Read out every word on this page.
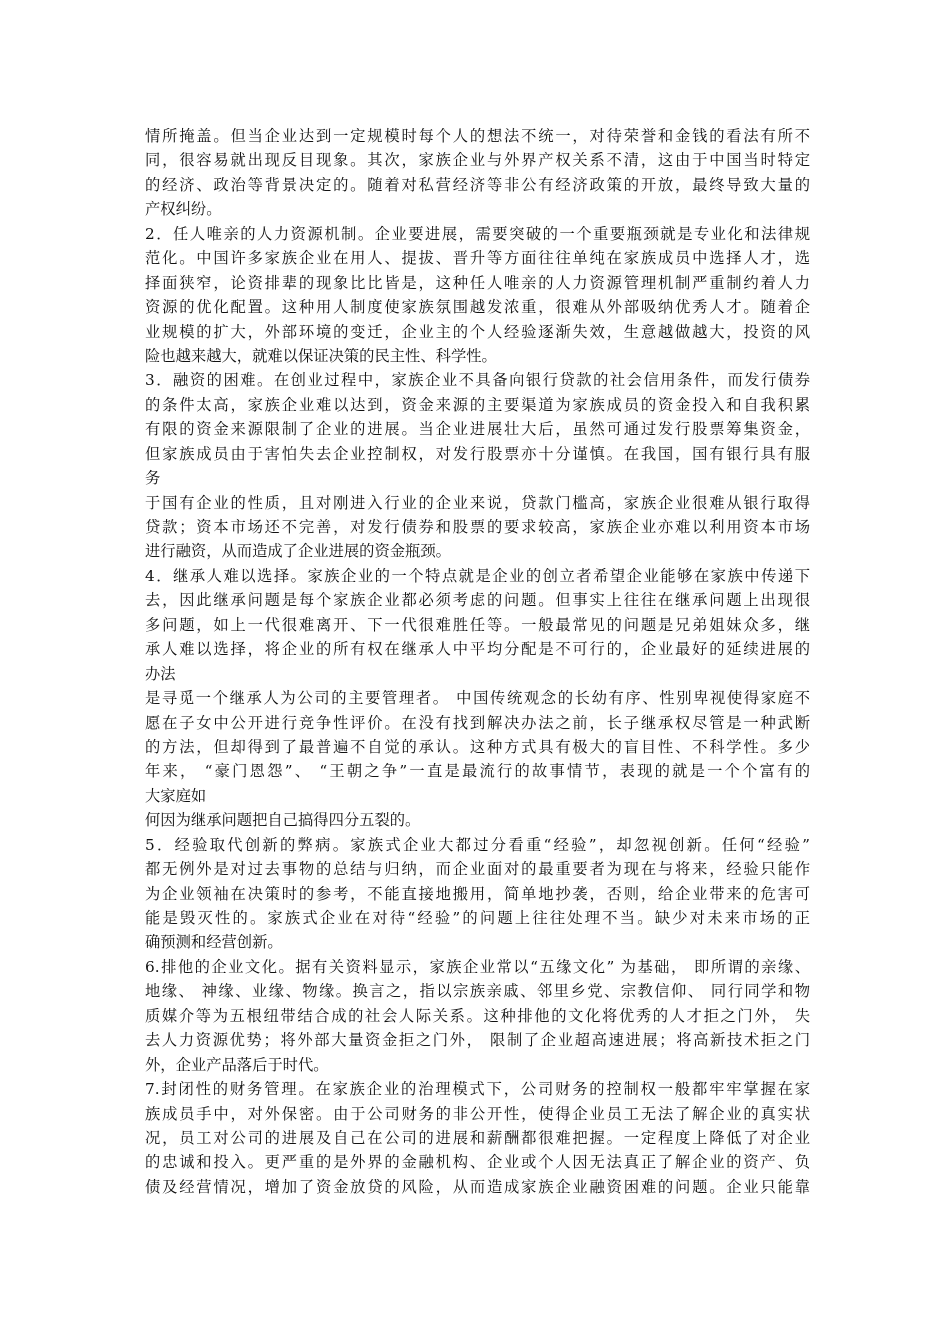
情所掩盖。但当企业达到一定规模时每个人的想法不统一，对待荣誉和金钱的看法有所不
同，很容易就出现反目现象。其次，家族企业与外界产权关系不清，这由于中国当时特定
的经济、政治等背景决定的。随着对私营经济等非公有经济政策的开放，最终导致大量的
产权纠纷。
2．任人唯亲的人力资源机制。企业要进展，需要突破的一个重要瓶颈就是专业化和法律规
范化。中国许多家族企业在用人、提拔、晋升等方面往往单纯在家族成员中选择人才，选
择面狭窄，论资排辈的现象比比皆是，这种任人唯亲的人力资源管理机制严重制约着人力
资源的优化配置。这种用人制度使家族氛围越发浓重，很难从外部吸纳优秀人才。随着企
业规模的扩大，外部环境的变迁，企业主的个人经验逐渐失效，生意越做越大，投资的风
险也越来越大，就难以保证决策的民主性、科学性。
3．融资的困难。在创业过程中，家族企业不具备向银行贷款的社会信用条件，而发行债券
的条件太高，家族企业难以达到，资金来源的主要渠道为家族成员的资金投入和自我积累
有限的资金来源限制了企业的进展。当企业进展壮大后，虽然可通过发行股票筹集资金，
但家族成员由于害怕失去企业控制权，对发行股票亦十分谨慎。在我国，国有银行具有服
务
于国有企业的性质，且对刚进入行业的企业来说，贷款门槛高，家族企业很难从银行取得
贷款；资本市场还不完善，对发行债券和股票的要求较高，家族企业亦难以利用资本市场
进行融资，从而造成了企业进展的资金瓶颈。
4．继承人难以选择。家族企业的一个特点就是企业的创立者希望企业能够在家族中传递下
去，因此继承问题是每个家族企业都必须考虑的问题。但事实上往往在继承问题上出现很
多问题，如上一代很难离开、下一代很难胜任等。一般最常见的问题是兄弟姐妹众多，继
承人难以选择，将企业的所有权在继承人中平均分配是不可行的，企业最好的延续进展的
办法
是寻觅一个继承人为公司的主要管理者。 中国传统观念的长幼有序、性别卑视使得家庭不
愿在子女中公开进行竞争性评价。在没有找到解决办法之前，长子继承权尽管是一种武断
的方法，但却得到了最普遍不自觉的承认。这种方式具有极大的盲目性、不科学性。多少
年来， “豪门恩怨”、 “王朝之争”一直是最流行的故事情节，表现的就是一个个富有的
大家庭如
何因为继承问题把自己搞得四分五裂的。
5．经验取代创新的弊病。家族式企业大都过分看重“经验”，却忽视创新。任何“经验”
都无例外是对过去事物的总结与归纳，而企业面对的最重要者为现在与将来，经验只能作
为企业领袖在决策时的参考，不能直接地搬用，简单地抄袭，否则，给企业带来的危害可
能是毁灭性的。家族式企业在对待“经验”的问题上往往处理不当。缺少对未来市场的正
确预测和经营创新。
6.排他的企业文化。据有关资料显示，家族企业常以“五缘文化” 为基础， 即所谓的亲缘、
地缘、 神缘、业缘、物缘。换言之，指以宗族亲戚、邻里乡党、宗教信仰、 同行同学和物
质媒介等为五根纽带结合成的社会人际关系。这种排他的文化将优秀的人才拒之门外， 失
去人力资源优势；将外部大量资金拒之门外， 限制了企业超高速进展；将高新技术拒之门
外，企业产品落后于时代。
7.封闭性的财务管理。在家族企业的治理模式下，公司财务的控制权一般都牢牢掌握在家
族成员手中，对外保密。由于公司财务的非公开性，使得企业员工无法了解企业的真实状
况，员工对公司的进展及自己在公司的进展和薪酬都很难把握。一定程度上降低了对企业
的忠诚和投入。更严重的是外界的金融机构、企业或个人因无法真正了解企业的资产、负
债及经营情况，增加了资金放贷的风险，从而造成家族企业融资困难的问题。企业只能靠
